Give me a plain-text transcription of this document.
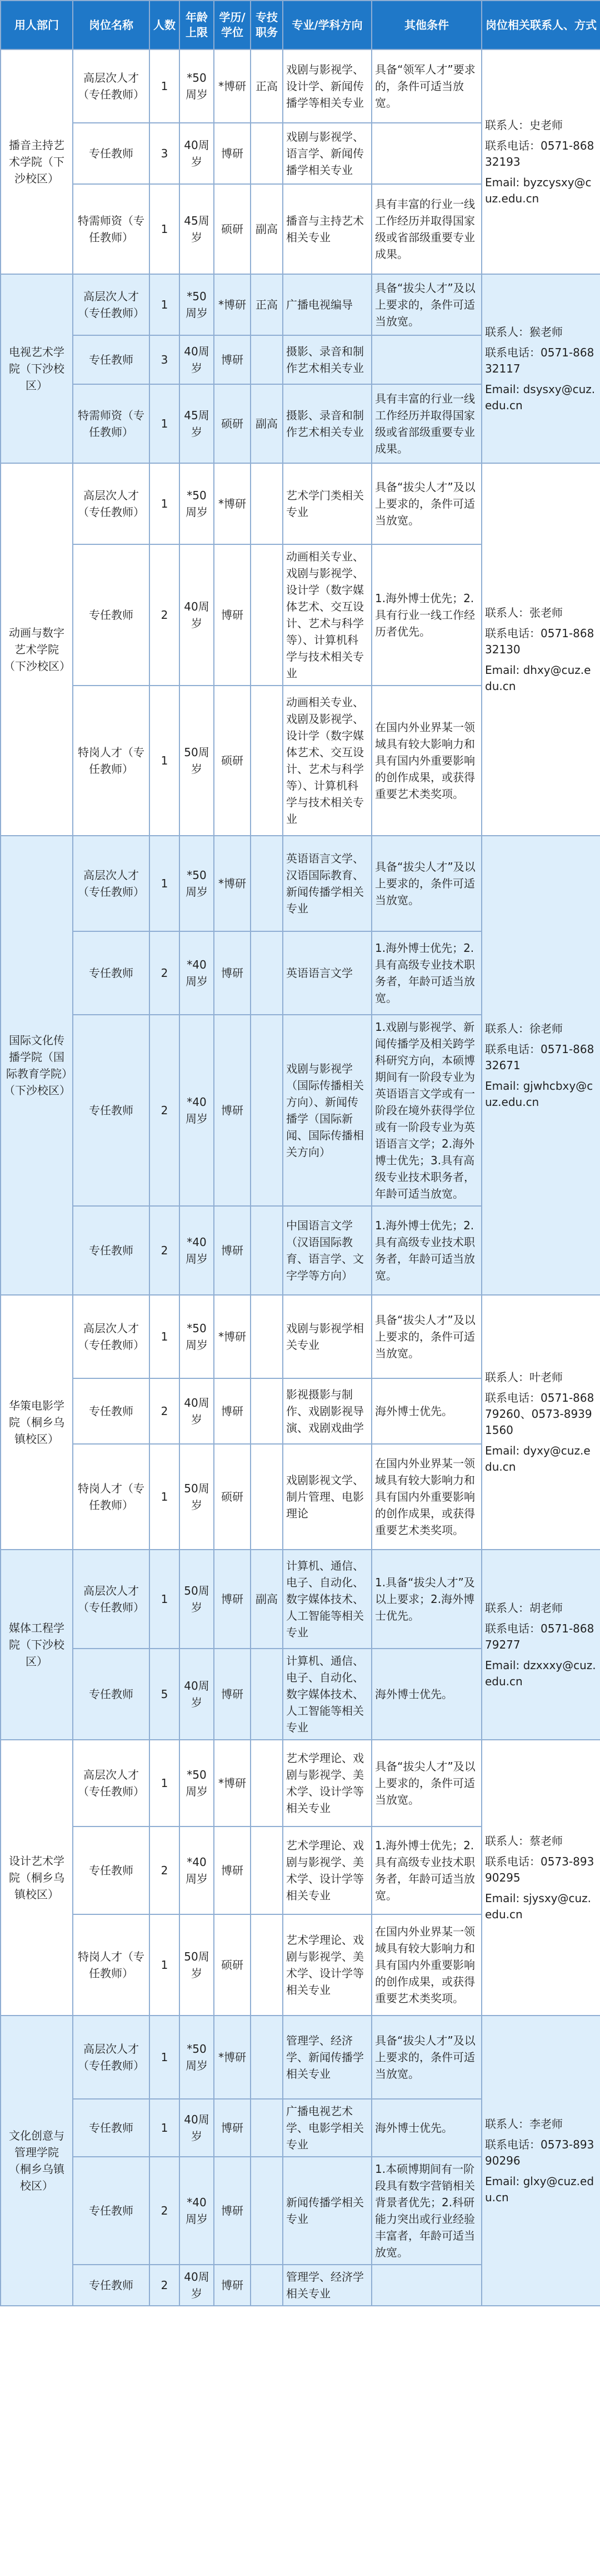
用人部门	岗位名称	人数	年龄上限	学历/学位	专技职务	专业/学科方向	其他条件	岗位相关联系人、方式
播音主持艺术学院（下沙校区）	高层次人才（专任教师）	1	*50周岁	*博研	正高	戏剧与影视学、设计学、新闻传播学等相关专业	具备“领军人才”要求的，条件可适当放宽。	联系人：史老师
联系电话：0571-86832193
Email: byzcysxy@cuz.edu.cn

	专任教师	3	40周岁	博研		戏剧与影视学、语言学、新闻传播学相关专业		
	特需师资（专任教师）	1	45周岁	硕研	副高	播音与主持艺术相关专业	具有丰富的行业一线工作经历并取得国家级或省部级重要专业成果。	
电视艺术学院（下沙校区）	高层次人才（专任教师）	1	*50周岁	*博研	正高	广播电视编导	具备“拔尖人才”及以上要求的，条件可适当放宽。	联系人：猴老师
联系电话：0571-86832117
Email: dsysxy@cuz.edu.cn

	专任教师	3	40周岁	博研		摄影、录音和制作艺术相关专业		
	特需师资（专任教师）	1	45周岁	硕研	副高	摄影、录音和制作艺术相关专业	具有丰富的行业一线工作经历并取得国家级或省部级重要专业成果。	
动画与数字艺术学院（下沙校区）	高层次人才（专任教师）	1	*50周岁	*博研		艺术学门类相关专业	具备“拔尖人才”及以上要求的，条件可适当放宽。	联系人：张老师
联系电话：0571-86832130
Email: dhxy@cuz.edu.cn

	专任教师	2	40周岁	博研		动画相关专业、戏剧与影视学、设计学（数字媒体艺术、交互设计、艺术与科学等）、计算机科学与技术相关专业	1.海外博士优先；2.具有行业一线工作经历者优先。	
	特岗人才（专任教师）	1	50周岁	硕研		动画相关专业、戏剧及影视学、设计学（数字媒体艺术、交互设计、艺术与科学等）、计算机科学与技术相关专业	在国内外业界某一领域具有较大影响力和具有国内外重要影响的创作成果，或获得重要艺术类奖项。	
国际文化传播学院（国际教育学院）（下沙校区）	高层次人才（专任教师）	1	*50周岁	*博研		英语语言文学、汉语国际教育、新闻传播学相关专业	具备“拔尖人才”及以上要求的，条件可适当放宽。	联系人：徐老师
联系电话：0571-86832671
Email: gjwhcbxy@cuz.edu.cn

	专任教师	2	*40周岁	博研		英语语言文学	1.海外博士优先；2.具有高级专业技术职务者，年龄可适当放宽。	
	专任教师	2	*40周岁	博研		戏剧与影视学（国际传播相关方向）、新闻传播学（国际新闻、国际传播相关方向）	1.戏剧与影视学、新闻传播学及相关跨学科研究方向，本硕博期间有一阶段专业为英语语言文学或有一阶段在境外获得学位或有一阶段专业为英语语言文学；2.海外博士优先；3.具有高级专业技术职务者，年龄可适当放宽。	
	专任教师	2	*40周岁	博研		中国语言文学（汉语国际教育、语言学、文字学等方向）	1.海外博士优先；2.具有高级专业技术职务者，年龄可适当放宽。	
华策电影学院（桐乡乌镇校区）	高层次人才（专任教师）	1	*50周岁	*博研		戏剧与影视学相关专业	具备“拔尖人才”及以上要求的，条件可适当放宽。	联系人：叶老师
联系电话：0571-86879260、0573-89391560
Email: dyxy@cuz.edu.cn

	专任教师	2	40周岁	博研		影视摄影与制作、戏剧影视导演、戏剧戏曲学	海外博士优先。	
	特岗人才（专任教师）	1	50周岁	硕研		戏剧影视文学、制片管理、电影理论	在国内外业界某一领域具有较大影响力和具有国内外重要影响的创作成果，或获得重要艺术类奖项。	
媒体工程学院（下沙校区）	高层次人才（专任教师）	1	50周岁	博研	副高	计算机、通信、电子、自动化、数字媒体技术、人工智能等相关专业	1.具备“拔尖人才”及以上要求；2.海外博士优先。	联系人：胡老师
联系电话：0571-86879277
Email: dzxxxy@cuz.edu.cn

	专任教师	5	40周岁	博研		计算机、通信、电子、自动化、数字媒体技术、人工智能等相关专业	海外博士优先。	
设计艺术学院（桐乡乌镇校区）	高层次人才（专任教师）	1	*50周岁	*博研		艺术学理论、戏剧与影视学、美术学、设计学等相关专业	具备“拔尖人才”及以上要求的，条件可适当放宽。	联系人：蔡老师
联系电话：0573-89390295
Email: sjysxy@cuz.edu.cn

	专任教师	2	*40周岁	博研		艺术学理论、戏剧与影视学、美术学、设计学等相关专业	1.海外博士优先；2.具有高级专业技术职务者，年龄可适当放宽。	
	特岗人才（专任教师）	1	50周岁	硕研		艺术学理论、戏剧与影视学、美术学、设计学等相关专业	在国内外业界某一领域具有较大影响力和具有国内外重要影响的创作成果，或获得重要艺术类奖项。	
文化创意与管理学院（桐乡乌镇校区）	高层次人才（专任教师）	1	*50周岁	*博研		管理学、经济学、新闻传播学相关专业	具备“拔尖人才”及以上要求的，条件可适当放宽。	联系人：李老师
联系电话：0573-89390296
Email: glxy@cuz.edu.cn

	专任教师	1	40周岁	博研		广播电视艺术学、电影学相关专业	海外博士优先。	
	专任教师	2	*40周岁	博研		新闻传播学相关专业	1.本硕博期间有一阶段具有数字营销相关背景者优先；2.科研能力突出或行业经验丰富者，年龄可适当放宽。	
	专任教师	2	40周岁	博研		管理学、经济学相关专业		
